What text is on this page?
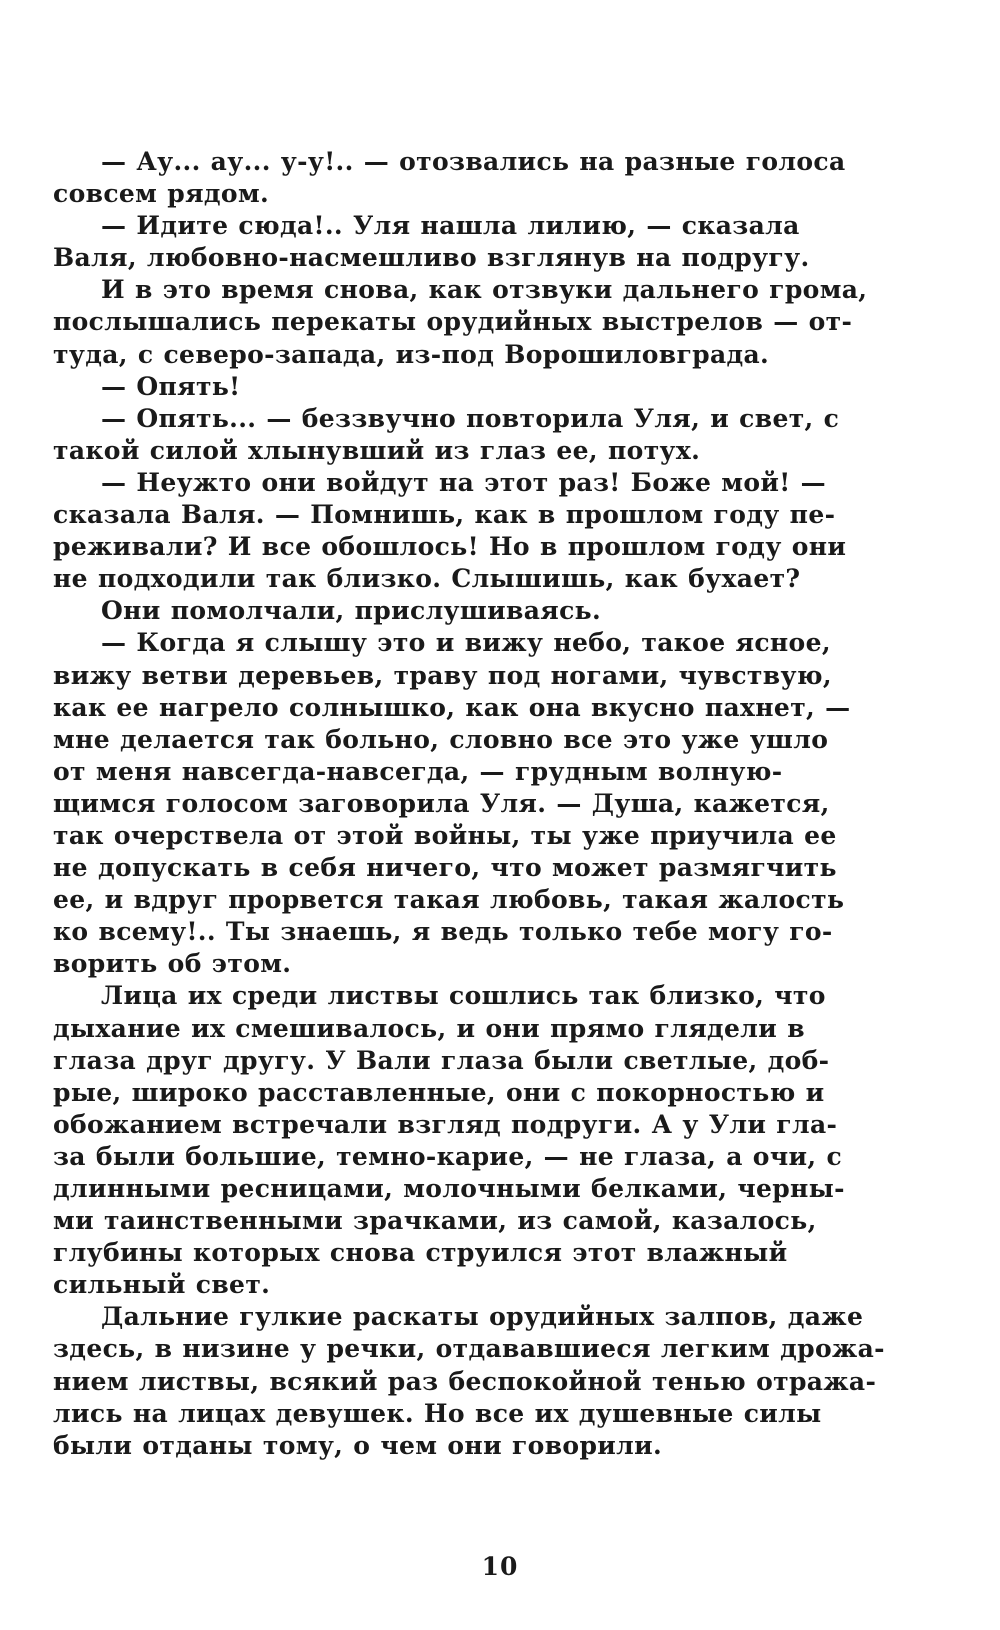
— Ау... ау... у-у!.. — отозвались на разные голоса
совсем рядом.

— Идите сюда!.. Уля нашла лилию, — сказала
Валя, любовно-насмешливо взглянув на подругу.

И в это время снова, как отзвуки дальнего грома,
послышались перекаты орудийных выстрелов — от-
туда, с северо-запада, из-под Ворошиловграда.

— Опять!

— Опять... — беззвучно повторила Уля, и свет, с
такой силой хлынувший из глаз ее, потух.

— Неужто они войдут на этот раз! Боже мой! —
сказала Валя. — Помнишь, как в прошлом году пе-
реживали? И все обошлось! Но в прошлом году они
не подходили так близко. Слышишь, как бухает?

Они помолчали, прислушиваясь.

— Когда я слышу это и вижу небо, такое ясное,
вижу ветви деревьев, траву под ногами, чувствую,
как ее нагрело солнышко, как она вкусно пахнет, —
мне делается так больно, словно все это уже ушло
от меня навсегда-навсегда, — грудным волную-
щимся голосом заговорила Уля. — Душа, кажется,
так очерствела от этой войны, ты уже приучила ее
не допускать в себя ничего, что может размягчить
ее, и вдруг прорвется такая любовь, такая жалость
ко всему!.. Ты знаешь, я ведь только тебе могу го-
ворить об этом.

Лица их среди листвы сошлись так близко, что
дыхание их смешивалось, и они прямо глядели в
глаза друг другу. У Вали глаза были светлые, доб-
рые, широко расставленные, они с покорностью и
обожанием встречали взгляд подруги. А у Ули гла-
за были большие, темно-карие, — не глаза, а очи, с
длинными ресницами, молочными белками, черны-
ми таинственными зрачками, из самой, казалось,
глубины которых снова струился этот влажный
сильный свет.

Дальние гулкие раскаты орудийных залпов, даже
здесь, в низине у речки, отдававшиеся легким дрожа-
нием листвы, всякий раз беспокойной тенью отража-
лись на лицах девушек. Но все их душевные силы
были отданы тому, о чем они говорили.

10
